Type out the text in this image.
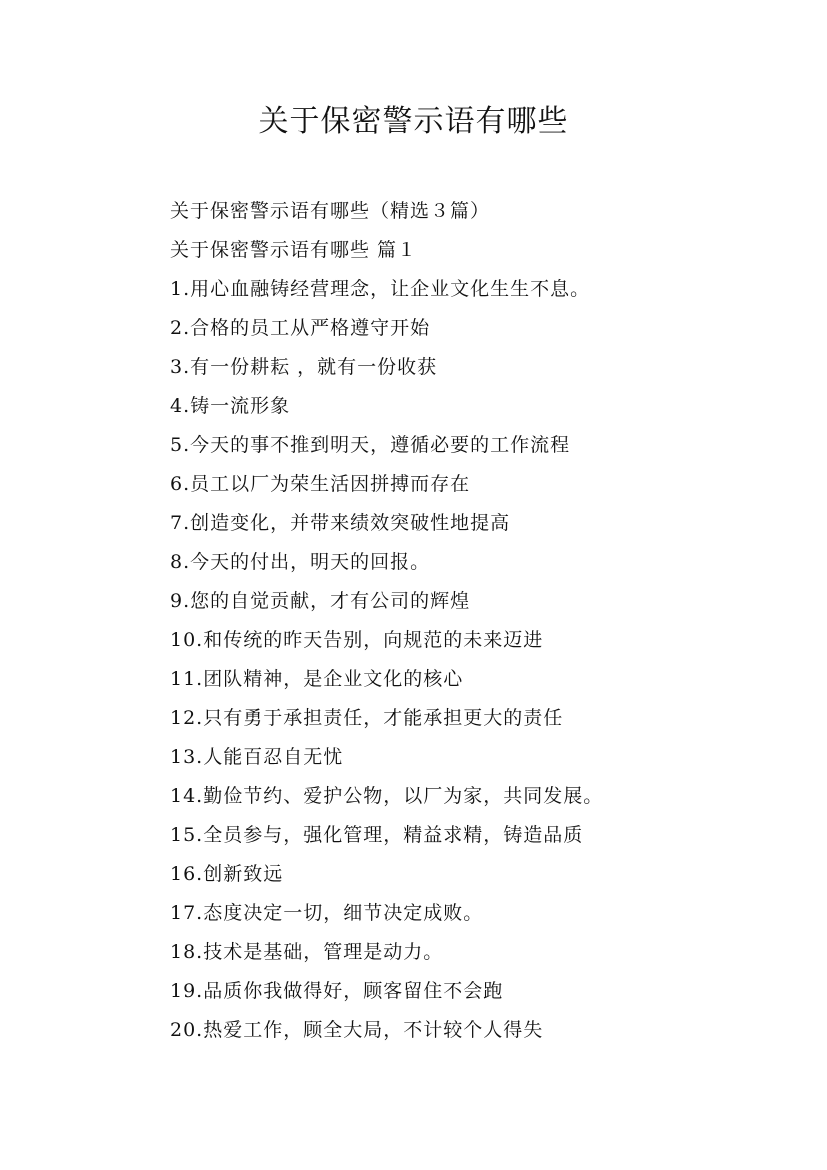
关于保密警示语有哪些
关于保密警示语有哪些（精选３篇）
关于保密警示语有哪些 篇１
1.用心血融铸经营理念，让企业文化生生不息。
2.合格的员工从严格遵守开始
3.有一份耕耘 ，就有一份收获
4.铸一流形象
5.今天的事不推到明天，遵循必要的工作流程
6.员工以厂为荣生活因拼搏而存在
7.创造变化，并带来绩效突破性地提高
8.今天的付出，明天的回报。
9.您的自觉贡献，才有公司的辉煌
10.和传统的昨天告别，向规范的未来迈进
11.团队精神，是企业文化的核心
12.只有勇于承担责任，才能承担更大的责任
13.人能百忍自无忧
14.勤俭节约、爱护公物，以厂为家，共同发展。
15.全员参与，强化管理，精益求精，铸造品质
16.创新致远
17.态度决定一切，细节决定成败。
18.技术是基础，管理是动力。
19.品质你我做得好，顾客留住不会跑
20.热爱工作，顾全大局，不计较个人得失
